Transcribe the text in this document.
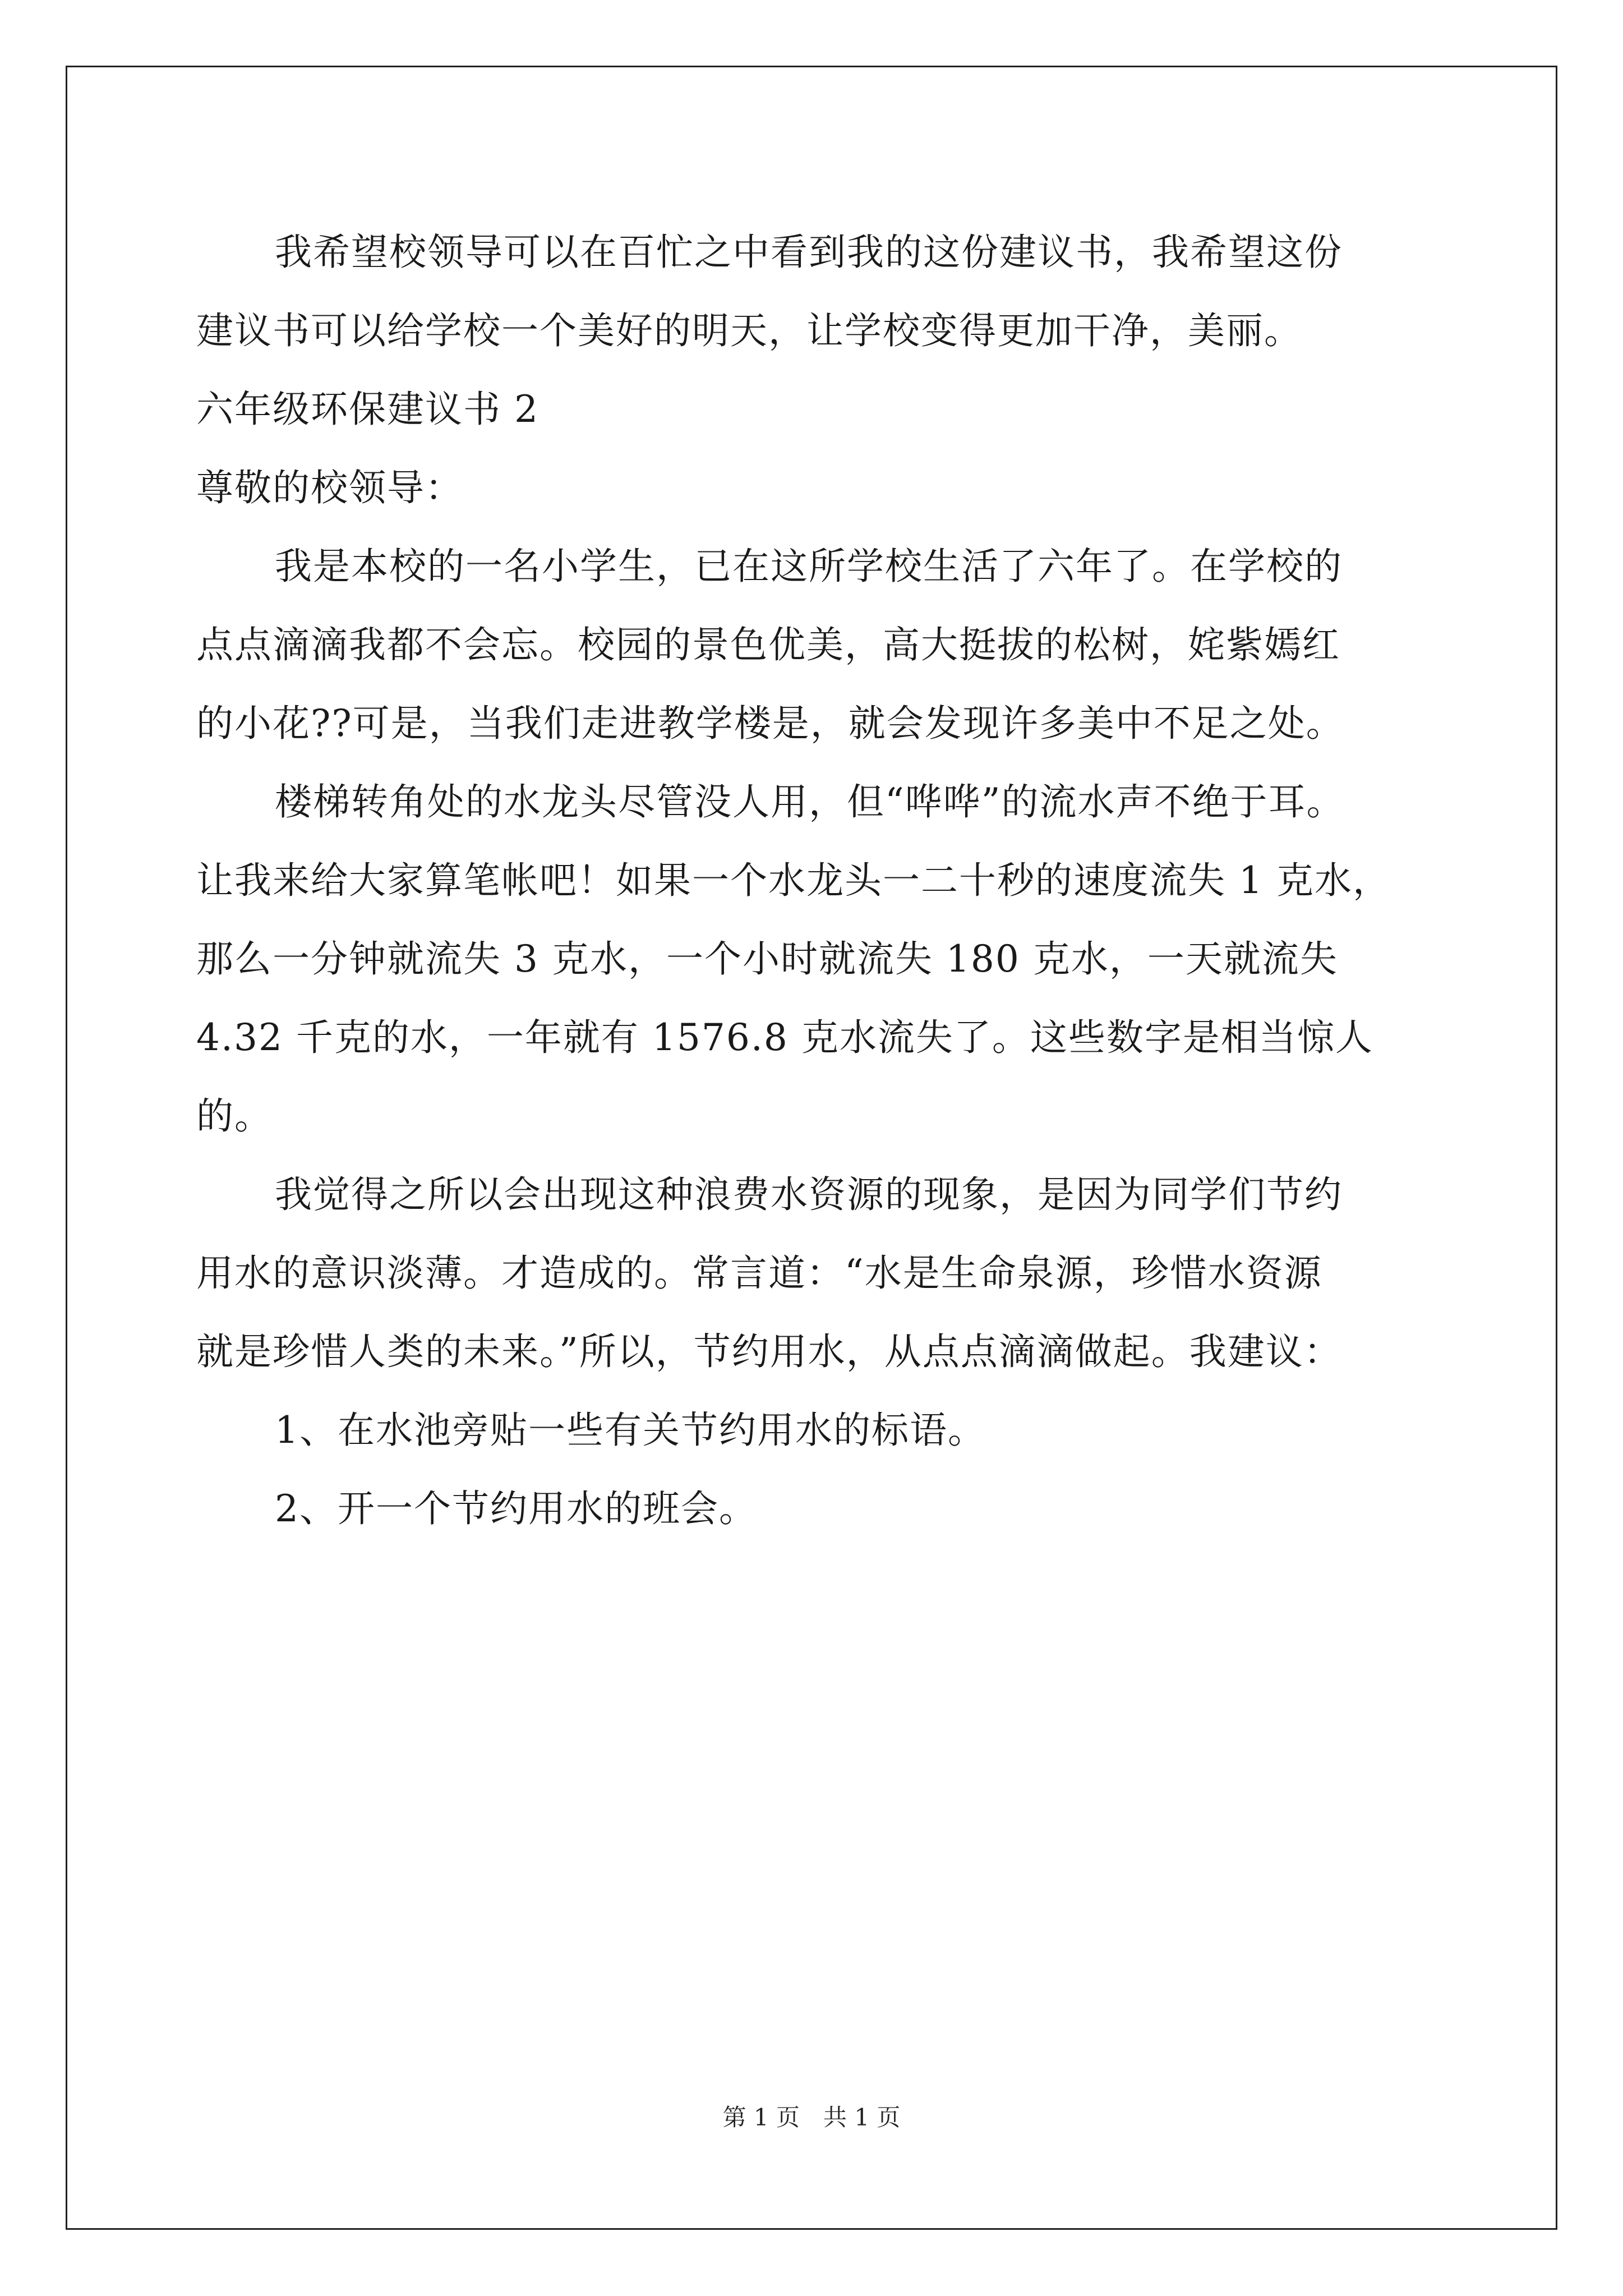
我希望校领导可以在百忙之中看到我的这份建议书，我希望这份
建议书可以给学校一个美好的明天，让学校变得更加干净，美丽。
六年级环保建议书 2
尊敬的校领导：
我是本校的一名小学生，已在这所学校生活了六年了。在学校的
点点滴滴我都不会忘。校园的景色优美，高大挺拔的松树，姹紫嫣红
的小花??可是，当我们走进教学楼是，就会发现许多美中不足之处。
楼梯转角处的水龙头尽管没人用，但“哗哗”的流水声不绝于耳。
让我来给大家算笔帐吧！如果一个水龙头一二十秒的速度流失 1 克水，
那么一分钟就流失 3 克水，一个小时就流失 180 克水，一天就流失
4.32 千克的水，一年就有 1576.8 克水流失了。这些数字是相当惊人
的。
我觉得之所以会出现这种浪费水资源的现象，是因为同学们节约
用水的意识淡薄。才造成的。常言道：“水是生命泉源，珍惜水资源
就是珍惜人类的未来。”所以，节约用水，从点点滴滴做起。我建议：
1、在水池旁贴一些有关节约用水的标语。
2、开一个节约用水的班会。
第 1 页　共 1 页
